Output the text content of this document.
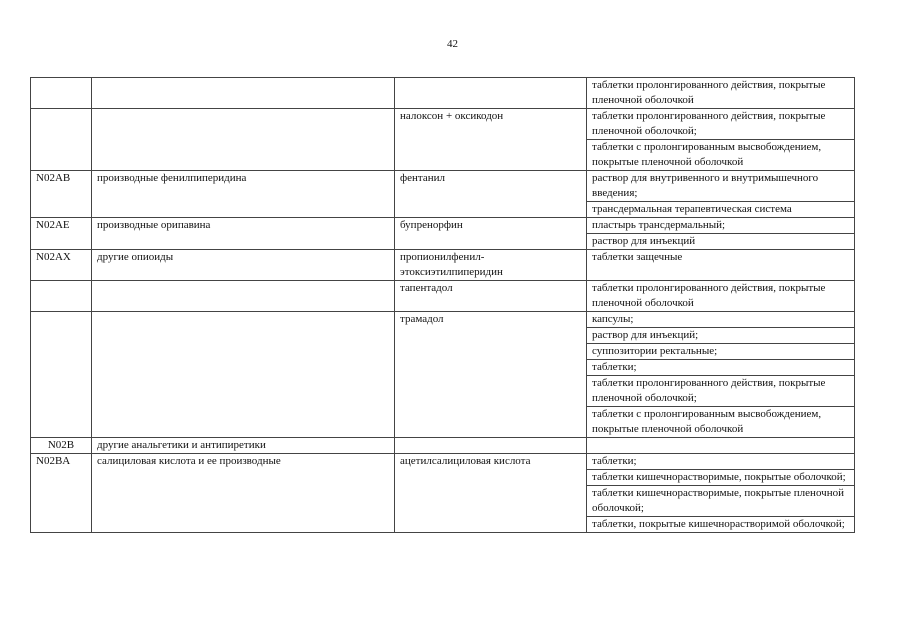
42
			таблетки пролонгированного действия, покрытые пленочной оболочкой
		налоксон + оксикодон	таблетки пролонгированного действия, покрытые пленочной оболочкой;
			таблетки с пролонгированным высвобождением, покрытые пленочной оболочкой
N02AB	производные фенилпиперидина	фентанил	раствор для внутривенного и внутримышечного введения;
			трансдермальная терапевтическая система
N02AE	производные орипавина	бупренорфин	пластырь трансдермальный;
			раствор для инъекций
N02AX	другие опиоиды	пропионилфенил-этоксиэтилпиперидин	таблетки защечные
		тапентадол	таблетки пролонгированного действия, покрытые пленочной оболочкой
		трамадол	капсулы;
			раствор для инъекций;
			суппозитории ректальные;
			таблетки;
			таблетки пролонгированного действия, покрытые пленочной оболочкой;
			таблетки с пролонгированным высвобождением, покрытые пленочной оболочкой
N02B	другие анальгетики и антипиретики		
N02BA	салициловая кислота и ее производные	ацетилсалициловая кислота	таблетки;
			таблетки кишечнорастворимые, покрытые оболочкой;
			таблетки кишечнорастворимые, покрытые пленочной оболочкой;
			таблетки, покрытые кишечнорастворимой оболочкой;
